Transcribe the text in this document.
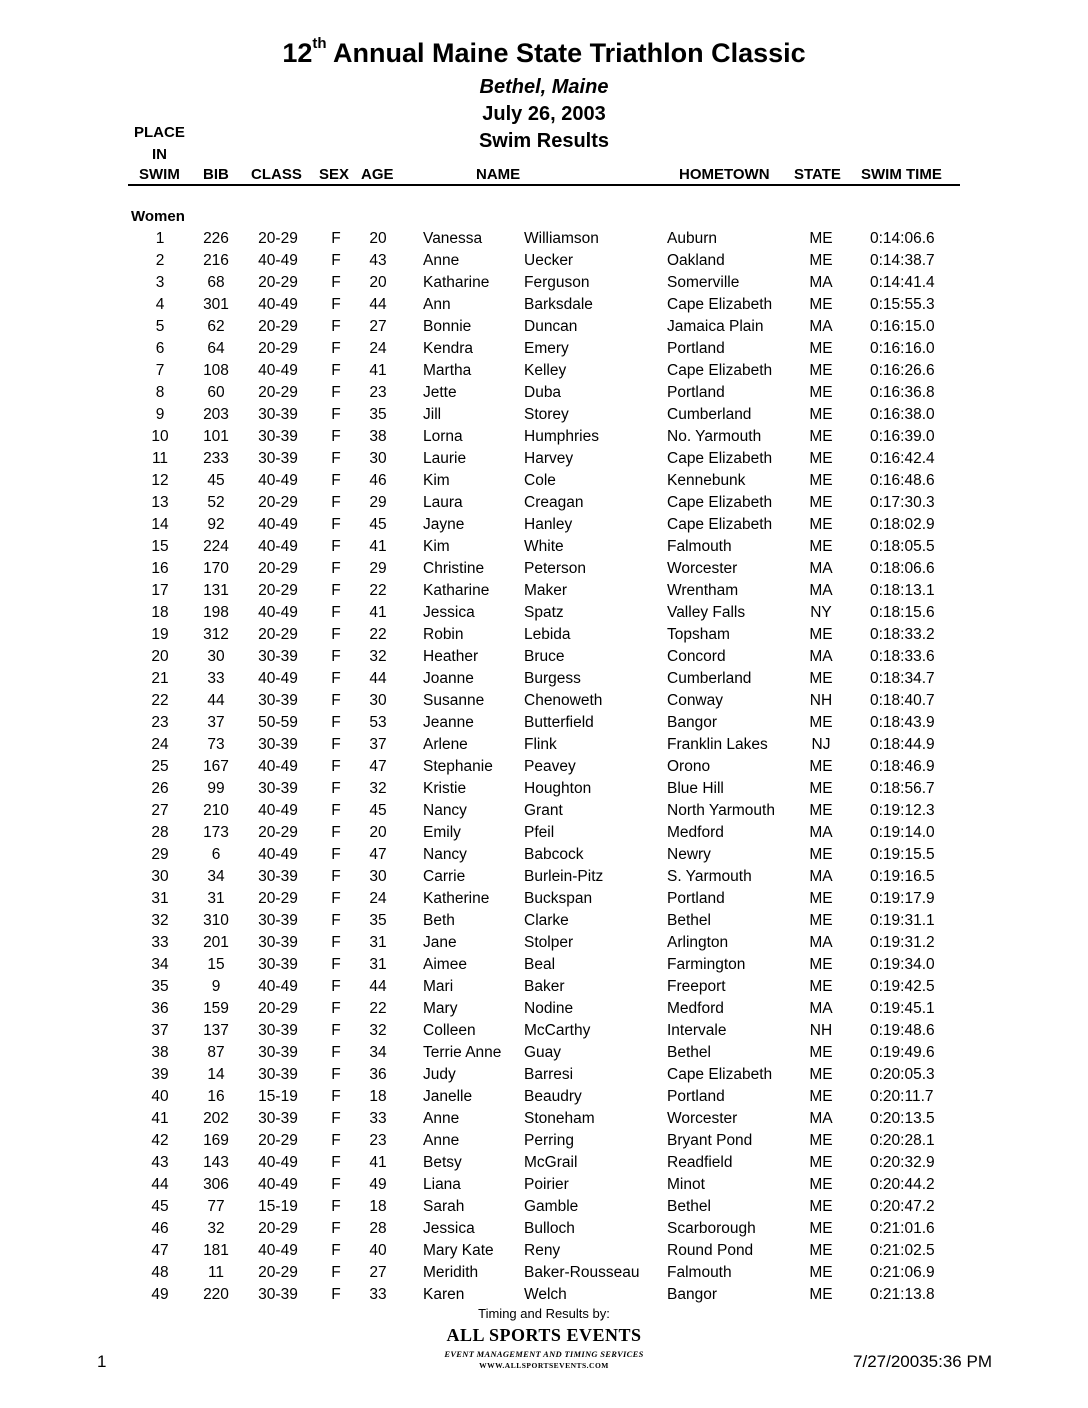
12th Annual Maine State Triathlon Classic
Bethel, Maine
July 26, 2003
Swim Results
PLACE
IN
SWIM BIB CLASS SEX AGE	NAME	HOMETOWN STATE SWIM TIME
Women
1	226	20-29	F	20	Vanessa	Williamson	Auburn	ME	0:14:06.6
2	216	40-49	F	43	Anne	Uecker	Oakland	ME	0:14:38.7
3	68	20-29	F	20	Katharine Ferguson	Somerville	MA	0:14:41.4
4	301	40-49	F	44	Ann	Barksdale	Cape Elizabeth	ME	0:15:55.3
5	62	20-29	F	27	Bonnie	Duncan	Jamaica Plain	MA	0:16:15.0
6	64	20-29	F	24	Kendra	Emery	Portland	ME	0:16:16.0
7	108	40-49	F	41	Martha	Kelley	Cape Elizabeth	ME	0:16:26.6
8	60	20-29	F	23	Jette	Duba	Portland	ME	0:16:36.8
9	203	30-39	F	35	Jill	Storey	Cumberland	ME	0:16:38.0
10	101	30-39	F	38	Lorna	Humphries	No. Yarmouth	ME	0:16:39.0
11	233	30-39	F	30	Laurie	Harvey	Cape Elizabeth	ME	0:16:42.4
12	45	40-49	F	46	Kim	Cole	Kennebunk	ME	0:16:48.6
13	52	20-29	F	29	Laura	Creagan	Cape Elizabeth	ME	0:17:30.3
14	92	40-49	F	45	Jayne	Hanley	Cape Elizabeth	ME	0:18:02.9
15	224	40-49	F	41	Kim	White	Falmouth	ME	0:18:05.5
16	170	20-29	F	29	Christine	Peterson	Worcester	MA	0:18:06.6
17	131	20-29	F	22	Katharine Maker	Wrentham	MA	0:18:13.1
18	198	40-49	F	41	Jessica	Spatz	Valley Falls	NY	0:18:15.6
19	312	20-29	F	22	Robin	Lebida	Topsham	ME	0:18:33.2
20	30	30-39	F	32	Heather	Bruce	Concord	MA	0:18:33.6
21	33	40-49	F	44	Joanne	Burgess	Cumberland	ME	0:18:34.7
22	44	30-39	F	30	Susanne	Chenoweth	Conway	NH	0:18:40.7
23	37	50-59	F	53	Jeanne	Butterfield	Bangor	ME	0:18:43.9
24	73	30-39	F	37	Arlene	Flink	Franklin Lakes	NJ	0:18:44.9
25	167	40-49	F	47	Stephanie Peavey	Orono	ME	0:18:46.9
26	99	30-39	F	32	Kristie	Houghton	Blue Hill	ME	0:18:56.7
27	210	40-49	F	45	Nancy	Grant	North Yarmouth	ME	0:19:12.3
28	173	20-29	F	20	Emily	Pfeil	Medford	MA	0:19:14.0
29	6	40-49	F	47	Nancy	Babcock	Newry	ME	0:19:15.5
30	34	30-39	F	30	Carrie	Burlein-Pitz	S. Yarmouth	MA	0:19:16.5
31	31	20-29	F	24	Katherine Buckspan	Portland	ME	0:19:17.9
32	310	30-39	F	35	Beth	Clarke	Bethel	ME	0:19:31.1
33	201	30-39	F	31	Jane	Stolper	Arlington	MA	0:19:31.2
34	15	30-39	F	31	Aimee	Beal	Farmington	ME	0:19:34.0
35	9	40-49	F	44	Mari	Baker	Freeport	ME	0:19:42.5
36	159	20-29	F	22	Mary	Nodine	Medford	MA	0:19:45.1
37	137	30-39	F	32	Colleen	McCarthy	Intervale	NH	0:19:48.6
38	87	30-39	F	34	Terrie Anne Guay	Bethel	ME	0:19:49.6
39	14	30-39	F	36	Judy	Barresi	Cape Elizabeth	ME	0:20:05.3
40	16	15-19	F	18	Janelle	Beaudry	Portland	ME	0:20:11.7
41	202	30-39	F	33	Anne	Stoneham	Worcester	MA	0:20:13.5
42	169	20-29	F	23	Anne	Perring	Bryant Pond	ME	0:20:28.1
43	143	40-49	F	41	Betsy	McGrail	Readfield	ME	0:20:32.9
44	306	40-49	F	49	Liana	Poirier	Minot	ME	0:20:44.2
45	77	15-19	F	18	Sarah	Gamble	Bethel	ME	0:20:47.2
46	32	20-29	F	28	Jessica	Bulloch	Scarborough	ME	0:21:01.6
47	181	40-49	F	40	Mary Kate Reny	Round Pond	ME	0:21:02.5
48	11	20-29	F	27	Meridith	Baker-Rousseau Falmouth	ME	0:21:06.9
49	220	30-39	F	33	Karen	Welch	Bangor	ME	0:21:13.8
Timing and Results by:
ALL SPORTS EVENTS
EVENT MANAGEMENT AND TIMING SERVICES
WWW.ALLSPORTSEVENTS.COM
1	7/27/20035:36 PM
